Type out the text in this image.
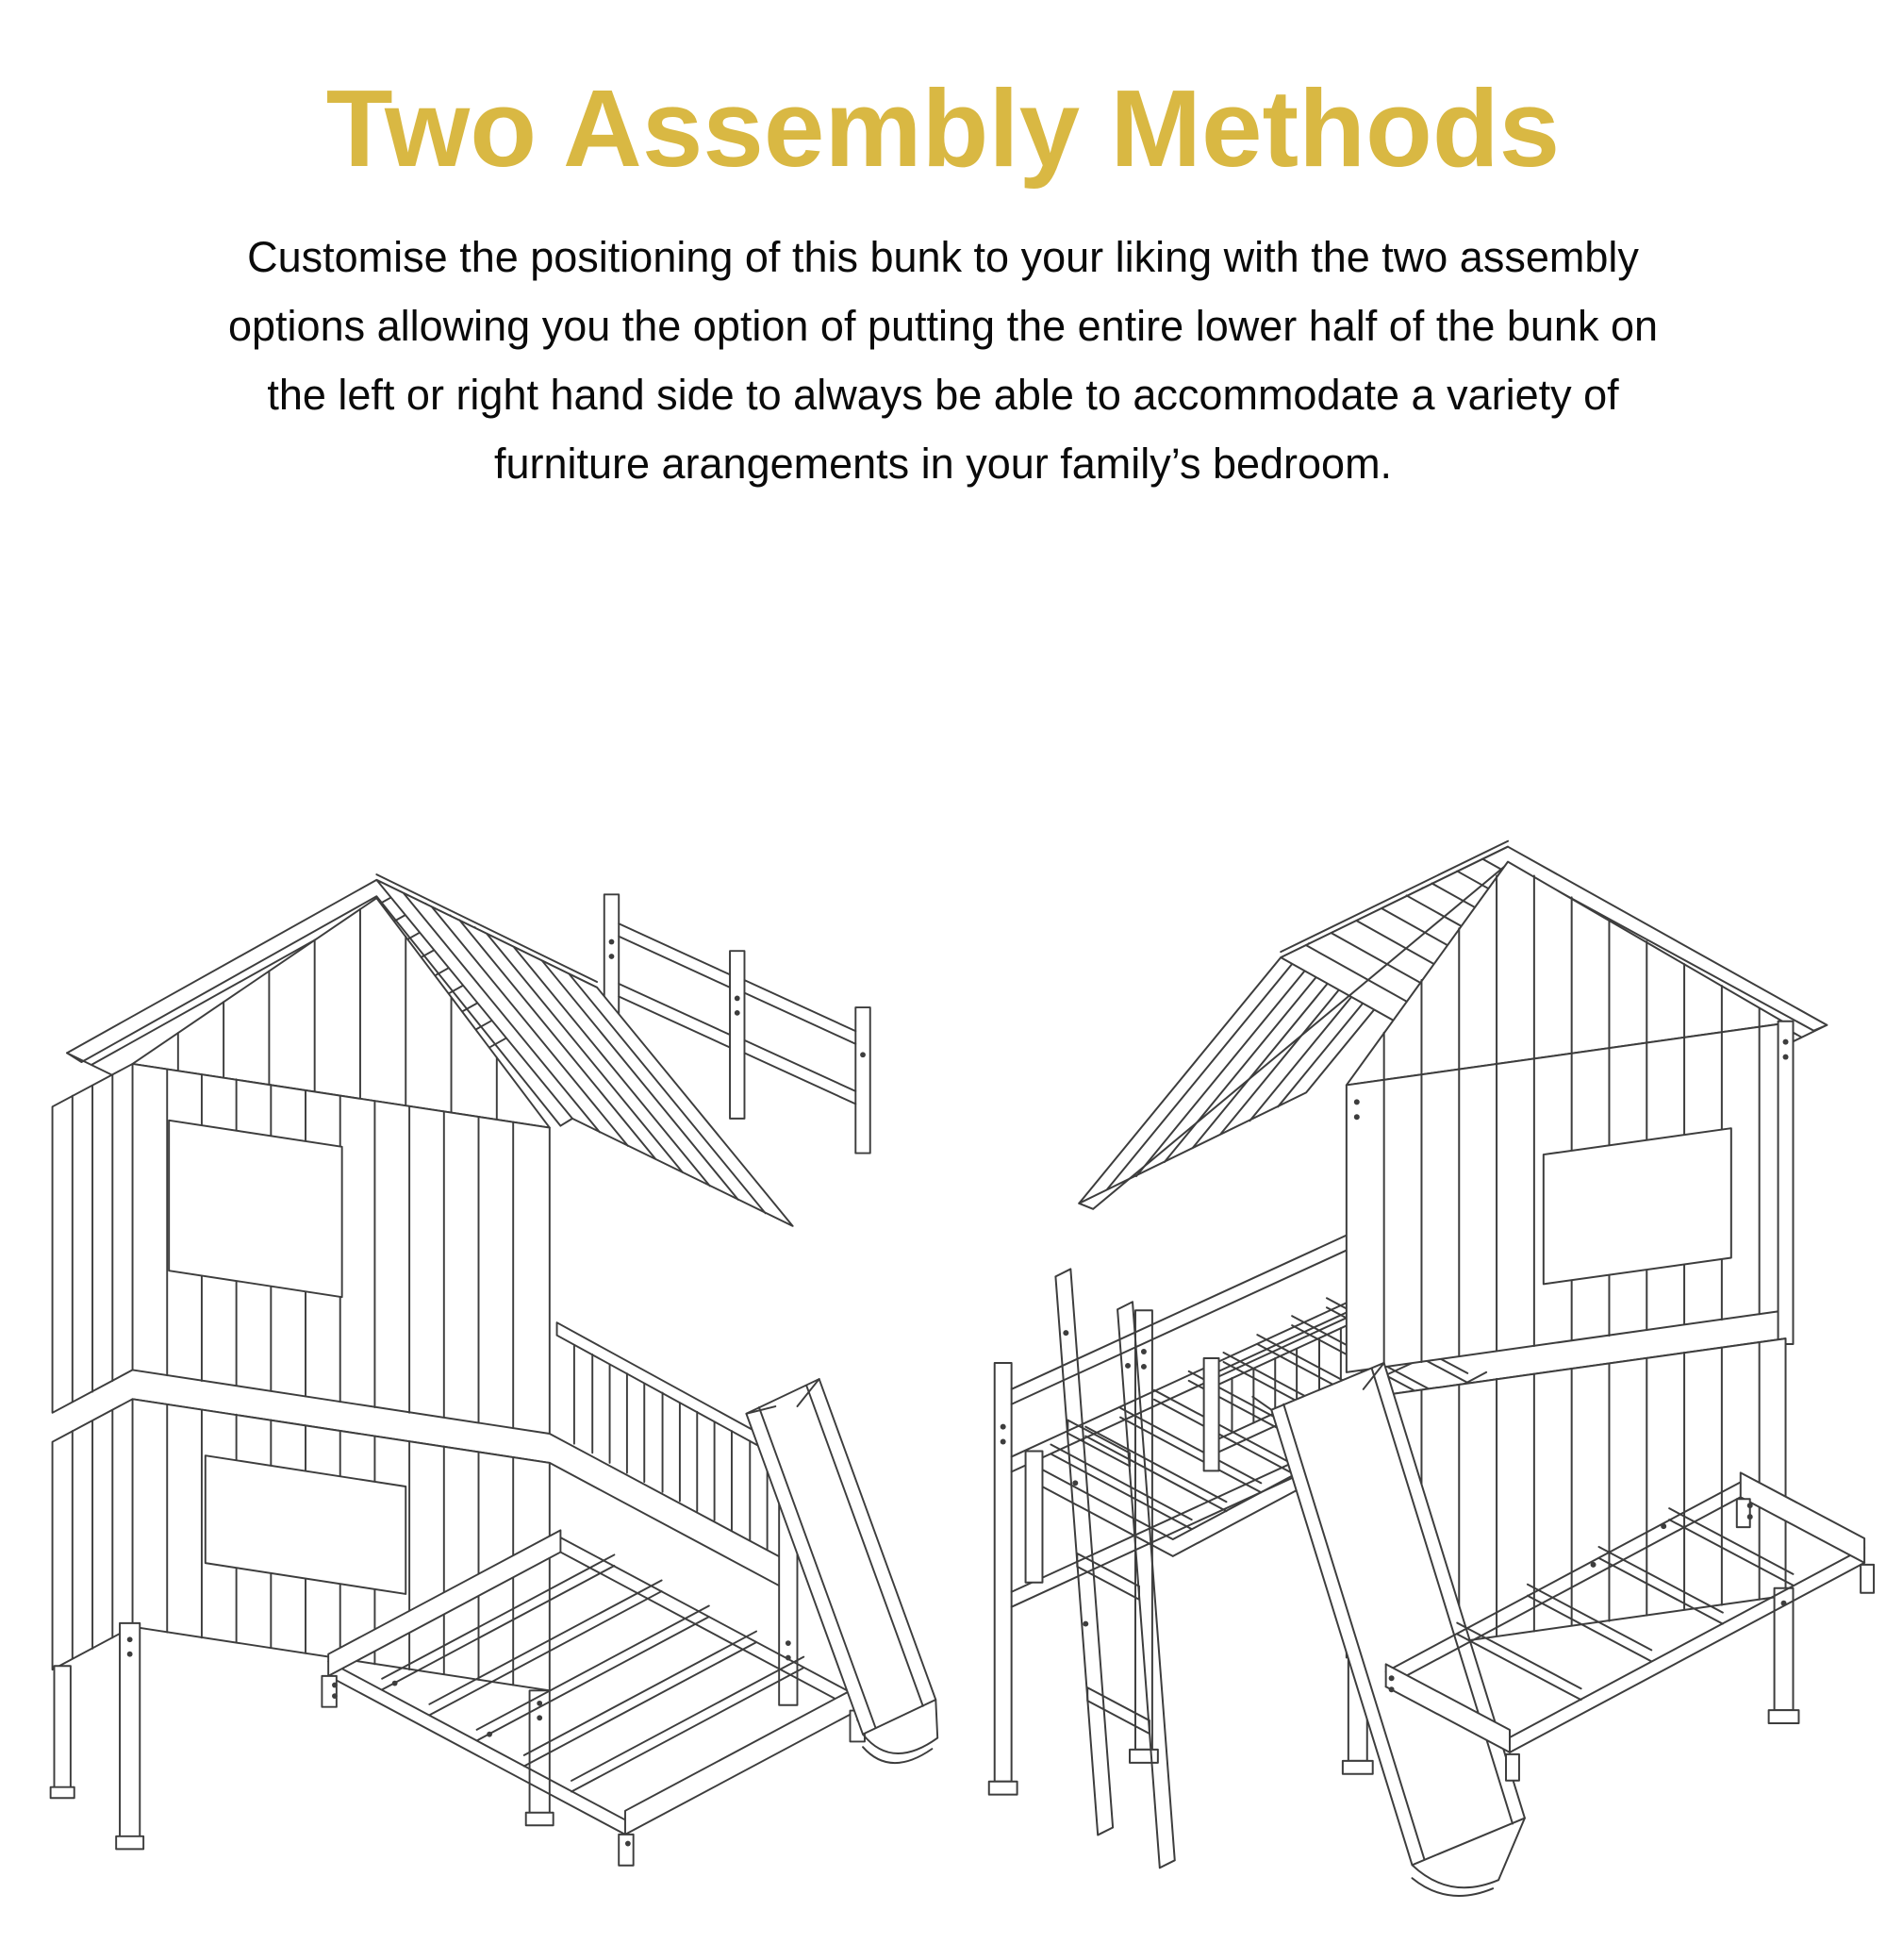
Two Assembly Methods
Customise the positioning of this bunk to your liking with the two assembly
options allowing you the option of putting the entire lower half of the bunk on
the left or right hand side to always be able to accommodate a variety of
furniture arangements in your family’s bedroom.
